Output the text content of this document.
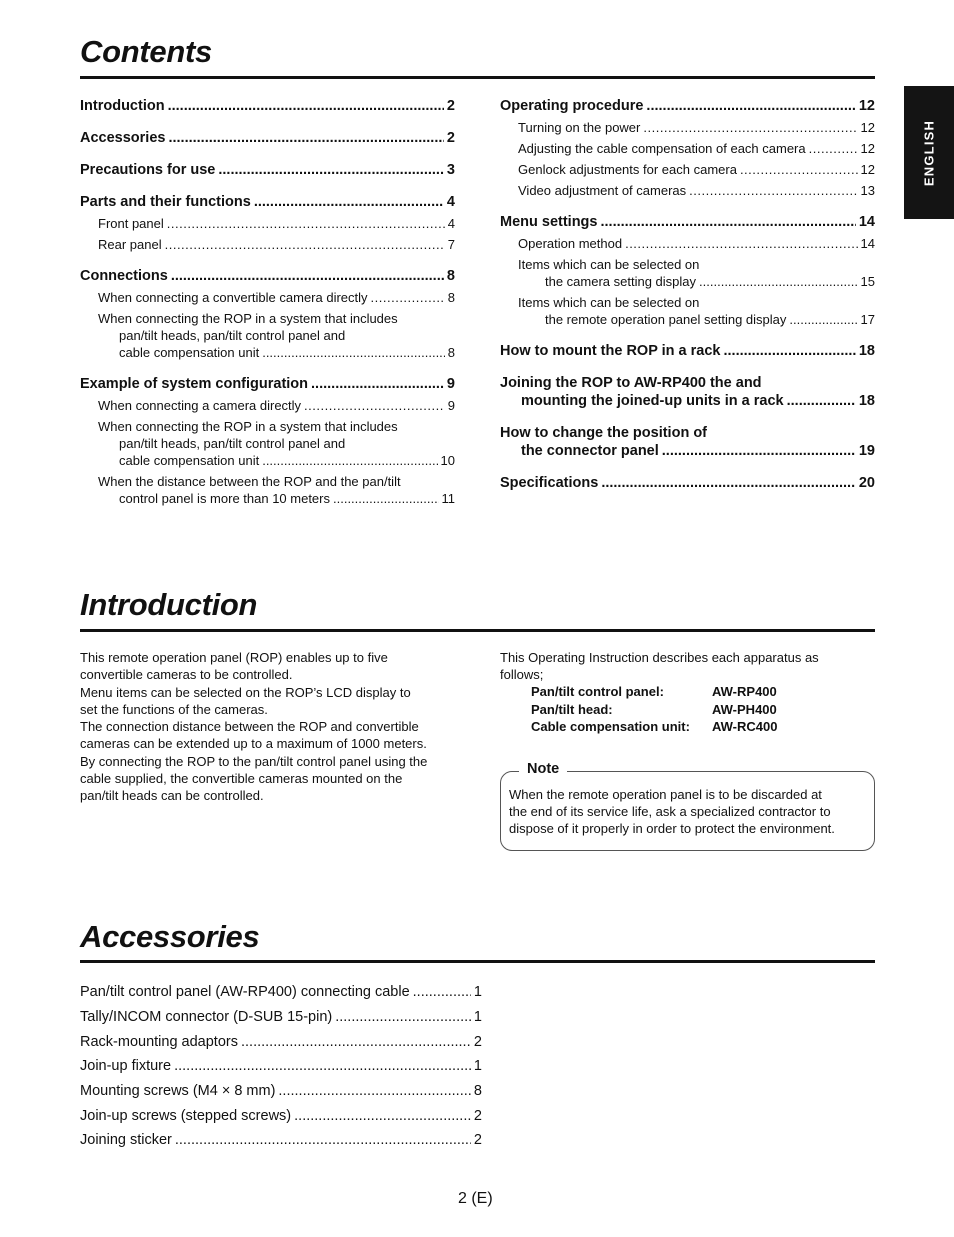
ENGLISH
Contents
Introduction .....	2
Accessories .....	2
Precautions for use .....	3
Parts and their functions .....	4
Front panel .....	4
Rear panel .....	7
Connections .....	8
When connecting a convertible camera directly .....	8
When connecting the ROP in a system that includes
pan/tilt heads, pan/tilt control panel and
cable compensation unit .....	8
Example of system configuration .....	9
When connecting a camera directly .....	9
When connecting the ROP in a system that includes
pan/tilt heads, pan/tilt control panel and
cable compensation unit .....	10
When the distance between the ROP and the pan/tilt
control panel is more than 10 meters .....	11
Operating procedure .....	12
Turning on the power .....	12
Adjusting the cable compensation of each camera .....	12
Genlock adjustments for each camera .....	12
Video adjustment of cameras .....	13
Menu settings .....	14
Operation method .....	14
Items which can be selected on
the camera setting display .....	15
Items which can be selected on
the remote operation panel setting display .....	17
How to mount the ROP in a rack .....	18
Joining the ROP to AW-RP400 the and
mounting the joined-up units in a rack .....	18
How to change the position of
the connector panel .....	19
Specifications .....	20
Introduction

This remote operation panel (ROP) enables up to five

convertible cameras to be controlled.

Menu items can be selected on the ROP’s LCD display to

set the functions of the cameras.

The connection distance between the ROP and convertible

cameras can be extended up to a maximum of 1000 meters.

By connecting the ROP to the pan/tilt control panel using the

cable supplied, the convertible cameras mounted on the

pan/tilt heads can be controlled.

This Operating Instruction describes each apparatus as

follows;

Pan/tilt control panel:	AW-RP400
Pan/tilt head:	AW-PH400
Cable compensation unit:	AW-RC400
Note
When the remote operation panel is to be discarded at
the end of its service life, ask a specialized contractor to
dispose of it properly in order to protect the environment.
Accessories
Pan/tilt control panel (AW-RP400) connecting cable .....	1
Tally/INCOM connector (D-SUB 15-pin) .....	1
Rack-mounting adaptors .....	2
Join-up fixture .....	1
Mounting screws (M4 × 8 mm) .....	8
Join-up screws (stepped screws) .....	2
Joining sticker .....	2
2 (E)
